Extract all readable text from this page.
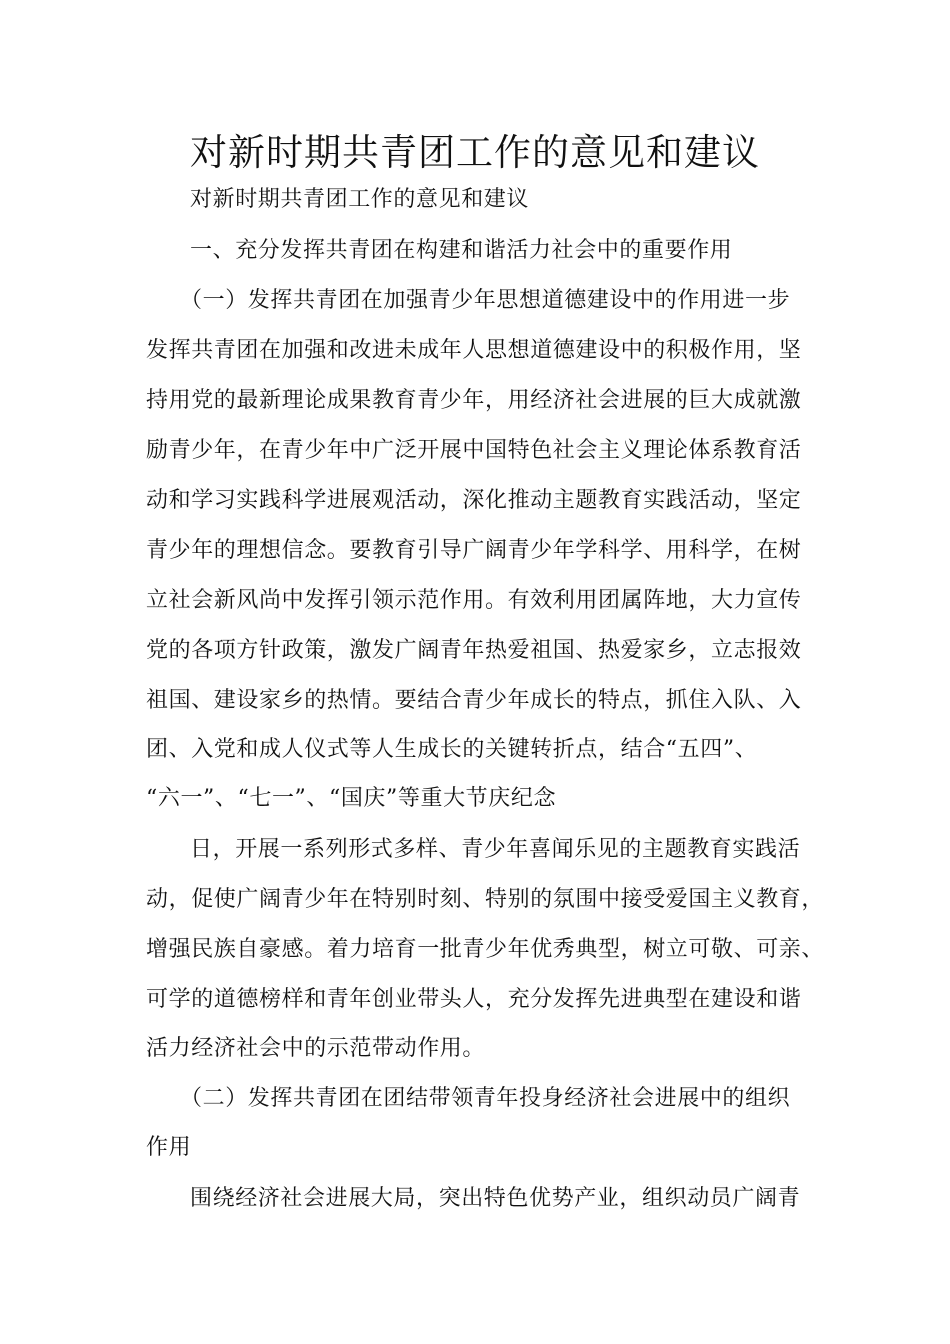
对新时期共青团工作的意见和建议
对新时期共青团工作的意见和建议
一、充分发挥共青团在构建和谐活力社会中的重要作用
（一）发挥共青团在加强青少年思想道德建设中的作用进一步
发挥共青团在加强和改进未成年人思想道德建设中的积极作用，坚
持用党的最新理论成果教育青少年，用经济社会进展的巨大成就激
励青少年，在青少年中广泛开展中国特色社会主义理论体系教育活
动和学习实践科学进展观活动，深化推动主题教育实践活动，坚定
青少年的理想信念。要教育引导广阔青少年学科学、用科学，在树
立社会新风尚中发挥引领示范作用。有效利用团属阵地，大力宣传
党的各项方针政策，激发广阔青年热爱祖国、热爱家乡，立志报效
祖国、建设家乡的热情。要结合青少年成长的特点，抓住入队、入
团、入党和成人仪式等人生成长的关键转折点，结合“五四”、
“六一”、“七一”、“国庆”等重大节庆纪念
日，开展一系列形式多样、青少年喜闻乐见的主题教育实践活
动，促使广阔青少年在特别时刻、特别的氛围中接受爱国主义教育，
增强民族自豪感。着力培育一批青少年优秀典型，树立可敬、可亲、
可学的道德榜样和青年创业带头人，充分发挥先进典型在建设和谐
活力经济社会中的示范带动作用。
（二）发挥共青团在团结带领青年投身经济社会进展中的组织
作用
围绕经济社会进展大局，突出特色优势产业，组织动员广阔青
